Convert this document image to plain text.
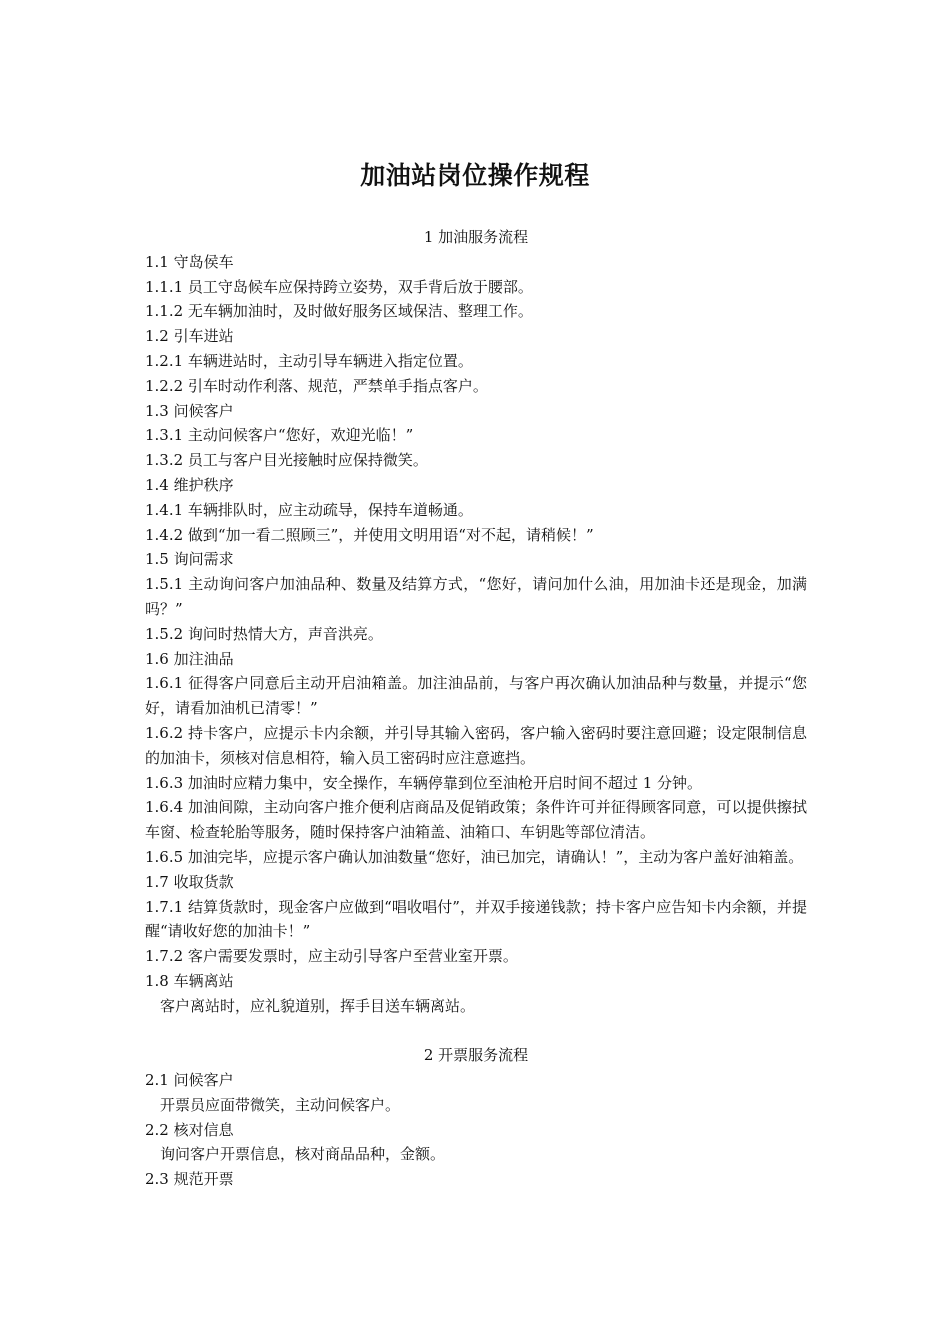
加油站岗位操作规程

1 加油服务流程

1.1 守岛侯车

1.1.1 员工守岛候车应保持跨立姿势，双手背后放于腰部。

1.1.2 无车辆加油时，及时做好服务区域保洁、整理工作。

1.2 引车进站

1.2.1 车辆进站时，主动引导车辆进入指定位置。

1.2.2 引车时动作利落、规范，严禁单手指点客户。

1.3 问候客户

1.3.1 主动问候客户“您好，欢迎光临！”

1.3.2 员工与客户目光接触时应保持微笑。

1.4 维护秩序

1.4.1 车辆排队时，应主动疏导，保持车道畅通。

1.4.2 做到“加一看二照顾三”，并使用文明用语“对不起，请稍候！”

1.5 询问需求

1.5.1 主动询问客户加油品种、数量及结算方式，“您好，请问加什么油，用加油卡还是现金，加满吗？”

1.5.2 询问时热情大方，声音洪亮。

1.6 加注油品

1.6.1 征得客户同意后主动开启油箱盖。加注油品前，与客户再次确认加油品种与数量，并提示“您好，请看加油机已清零！”

1.6.2 持卡客户，应提示卡内余额，并引导其输入密码，客户输入密码时要注意回避；设定限制信息的加油卡，须核对信息相符，输入员工密码时应注意遮挡。

1.6.3 加油时应精力集中，安全操作，车辆停靠到位至油枪开启时间不超过 1 分钟。

1.6.4 加油间隙，主动向客户推介便利店商品及促销政策；条件许可并征得顾客同意，可以提供擦拭车窗、检查轮胎等服务，随时保持客户油箱盖、油箱口、车钥匙等部位清洁。

1.6.5 加油完毕，应提示客户确认加油数量“您好，油已加完，请确认！”，主动为客户盖好油箱盖。

1.7 收取货款

1.7.1 结算货款时，现金客户应做到“唱收唱付”，并双手接递钱款；持卡客户应告知卡内余额，并提醒“请收好您的加油卡！”

1.7.2 客户需要发票时，应主动引导客户至营业室开票。

1.8 车辆离站

客户离站时，应礼貌道别，挥手目送车辆离站。

2 开票服务流程

2.1 问候客户

开票员应面带微笑，主动问候客户。

2.2 核对信息

询问客户开票信息，核对商品品种，金额。

2.3 规范开票
